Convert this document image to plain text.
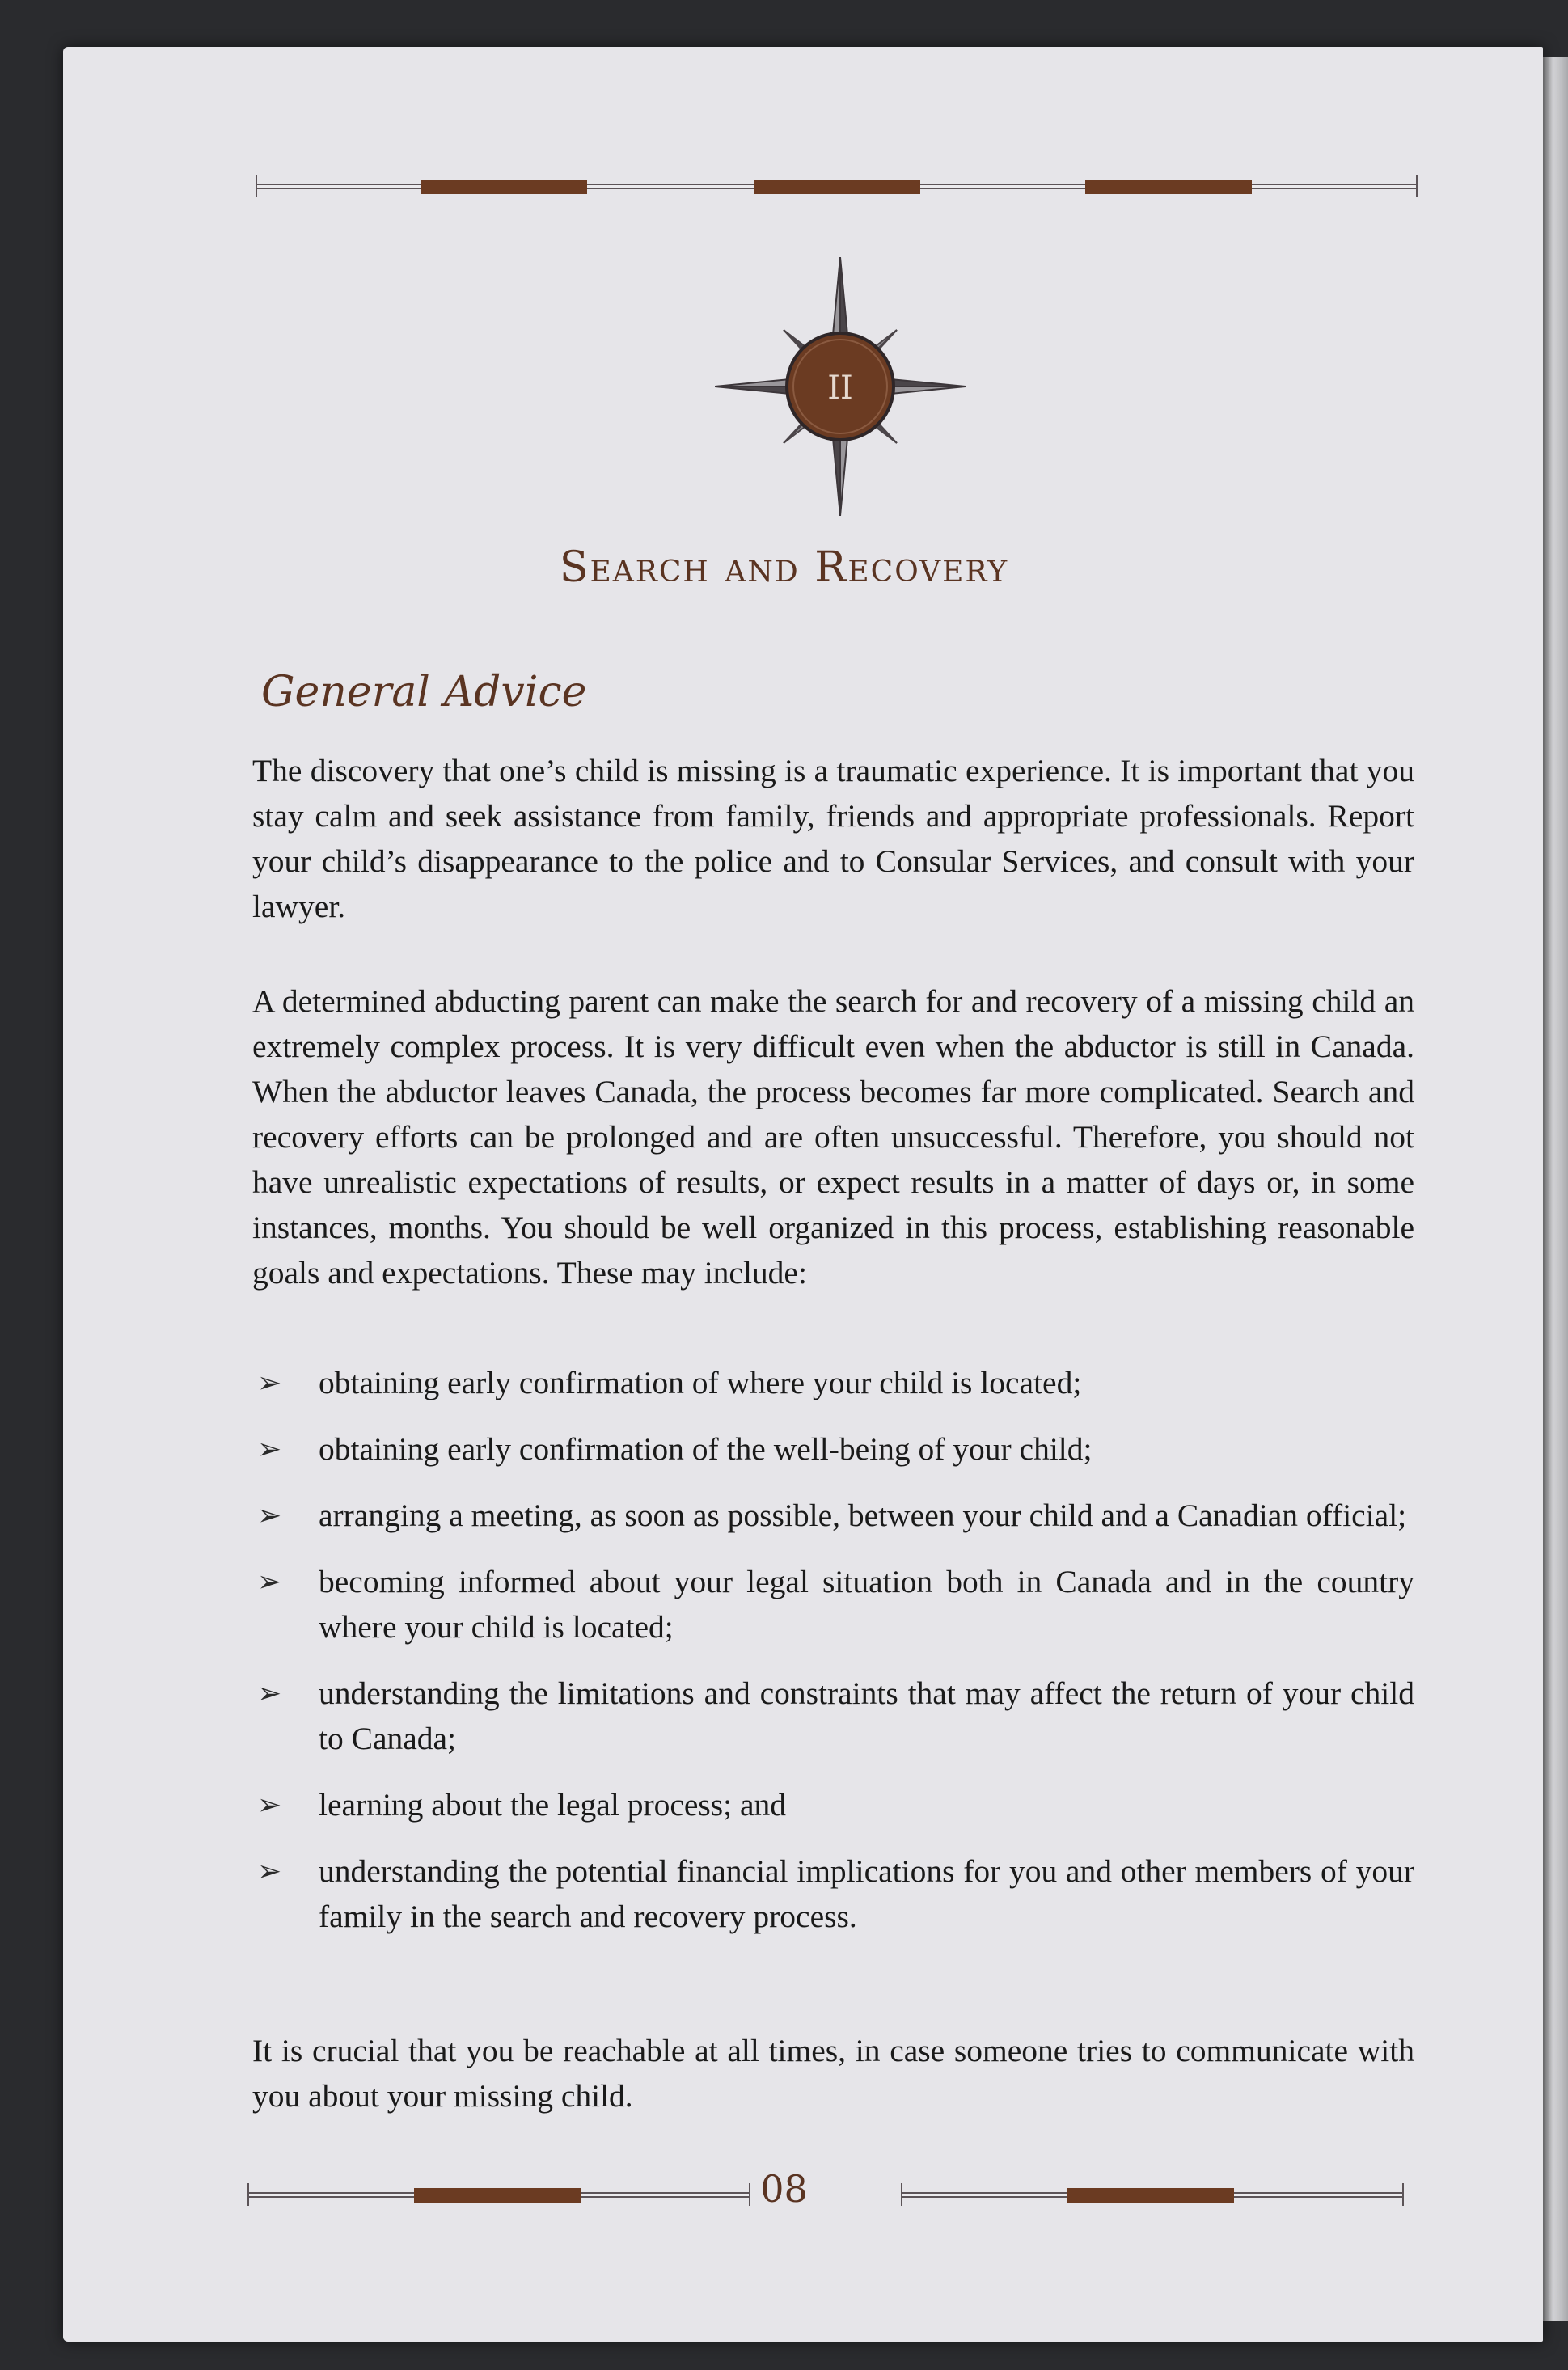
II
Search and Recovery
General Advice
The discovery that one’s child is missing is a traumatic experience. It is important that you stay calm and seek assistance from family, friends and appropriate professionals. Report your child’s disappearance to the police and to Consular Services, and consult with your lawyer.
A determined abducting parent can make the search for and recovery of a missing child an extremely complex process. It is very difficult even when the abductor is still in Canada. When the abductor leaves Canada, the process becomes far more complicated. Search and recovery efforts can be prolonged and are often unsuccessful. Therefore, you should not have unrealistic expectations of results, or expect results in a matter of days or, in some instances, months. You should be well organized in this process, establishing reasonable goals and expectations. These may include:
➢ obtaining early confirmation of where your child is located;
➢ obtaining early confirmation of the well-being of your child;
➢ arranging a meeting, as soon as possible, between your child and a Canadian official;
➢ becoming informed about your legal situation both in Canada and in the country where your child is located;
➢ understanding the limitations and constraints that may affect the return of your child to Canada;
➢ learning about the legal process; and
➢ understanding the potential financial implications for you and other members of your family in the search and recovery process.
It is crucial that you be reachable at all times, in case someone tries to communicate with you about your missing child.
08
